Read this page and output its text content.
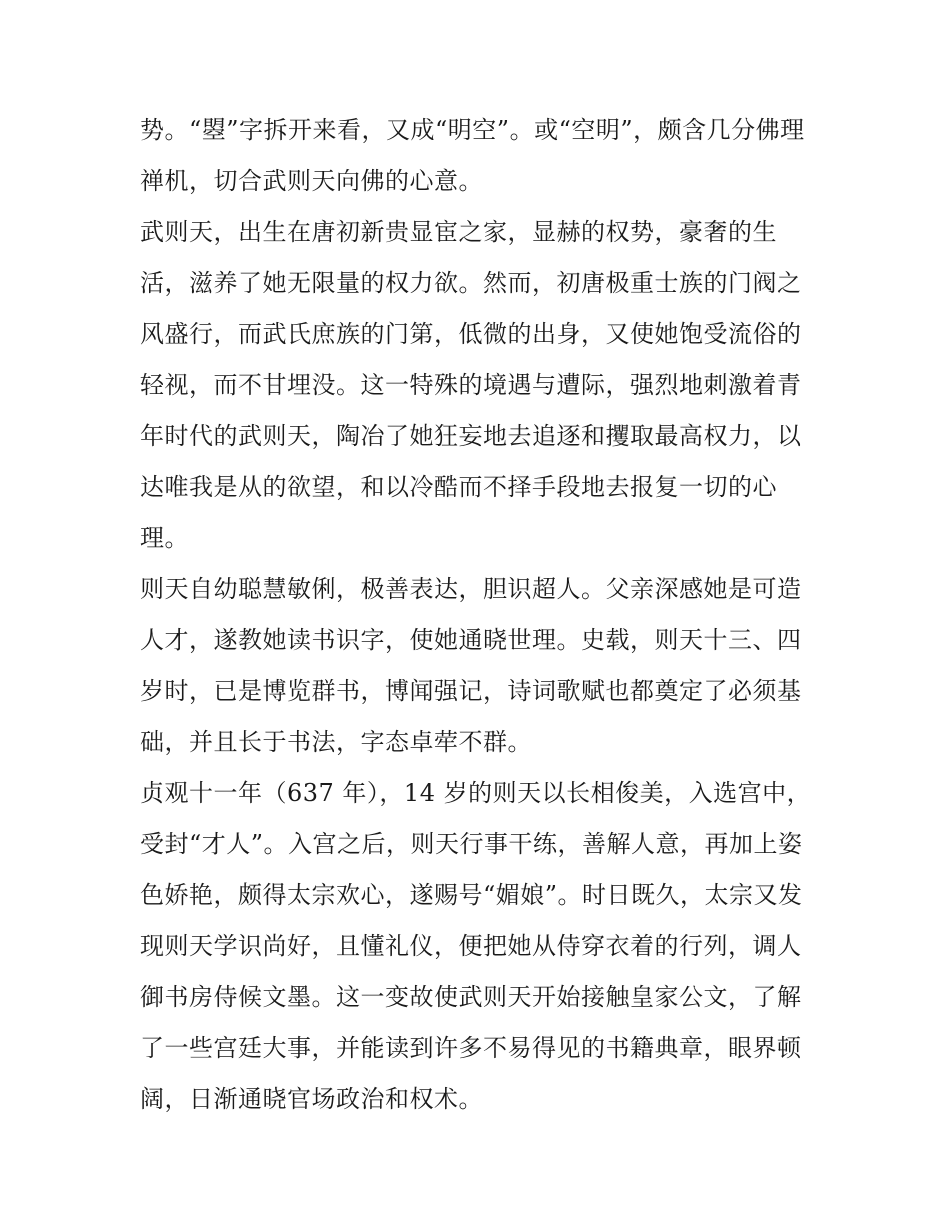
势。“曌”字拆开来看，又成“明空”。或“空明”，颇含几分佛理
禅机，切合武则天向佛的心意。
武则天，出生在唐初新贵显宦之家，显赫的权势，豪奢的生
活，滋养了她无限量的权力欲。然而，初唐极重士族的门阀之
风盛行，而武氏庶族的门第，低微的出身，又使她饱受流俗的
轻视，而不甘埋没。这一特殊的境遇与遭际，强烈地刺激着青
年时代的武则天，陶冶了她狂妄地去追逐和攫取最高权力，以
达唯我是从的欲望，和以冷酷而不择手段地去报复一切的心
理。
则天自幼聪慧敏俐，极善表达，胆识超人。父亲深感她是可造
人才，遂教她读书识字，使她通晓世理。史载，则天十三、四
岁时，已是博览群书，博闻强记，诗词歌赋也都奠定了必须基
础，并且长于书法，字态卓荦不群。
贞观十一年（637 年），14 岁的则天以长相俊美，入选宫中，
受封“才人”。入宫之后，则天行事干练，善解人意，再加上姿
色娇艳，颇得太宗欢心，遂赐号“媚娘”。时日既久，太宗又发
现则天学识尚好，且懂礼仪，便把她从侍穿衣着的行列，调人
御书房侍候文墨。这一变故使武则天开始接触皇家公文，了解
了一些宫廷大事，并能读到许多不易得见的书籍典章，眼界顿
阔，日渐通晓官场政治和权术。
